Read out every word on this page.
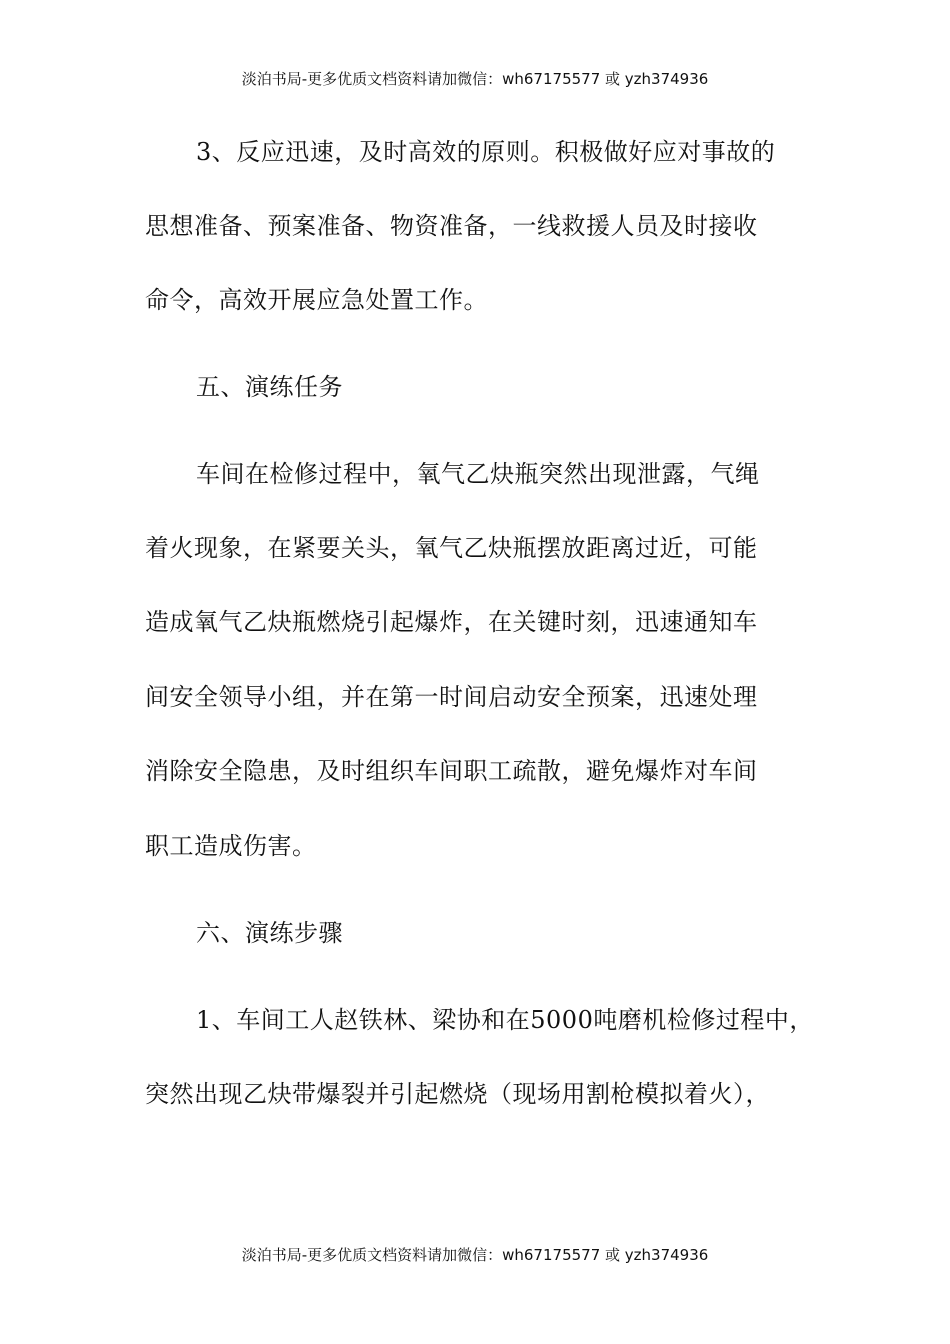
淡泊书局-更多优质文档资料请加微信：wh67175577 或 yzh374936
3、反应迅速，及时高效的原则。积极做好应对事故的
思想准备、预案准备、物资准备，一线救援人员及时接收
命令，高效开展应急处置工作。
五、演练任务
车间在检修过程中，氧气乙炔瓶突然出现泄露，气绳
着火现象，在紧要关头，氧气乙炔瓶摆放距离过近，可能
造成氧气乙炔瓶燃烧引起爆炸，在关键时刻，迅速通知车
间安全领导小组，并在第一时间启动安全预案，迅速处理
消除安全隐患，及时组织车间职工疏散，避免爆炸对车间
职工造成伤害。
六、演练步骤
1、车间工人赵铁林、梁协和在5000吨磨机检修过程中，
突然出现乙炔带爆裂并引起燃烧（现场用割枪模拟着火），
淡泊书局-更多优质文档资料请加微信：wh67175577 或 yzh374936
